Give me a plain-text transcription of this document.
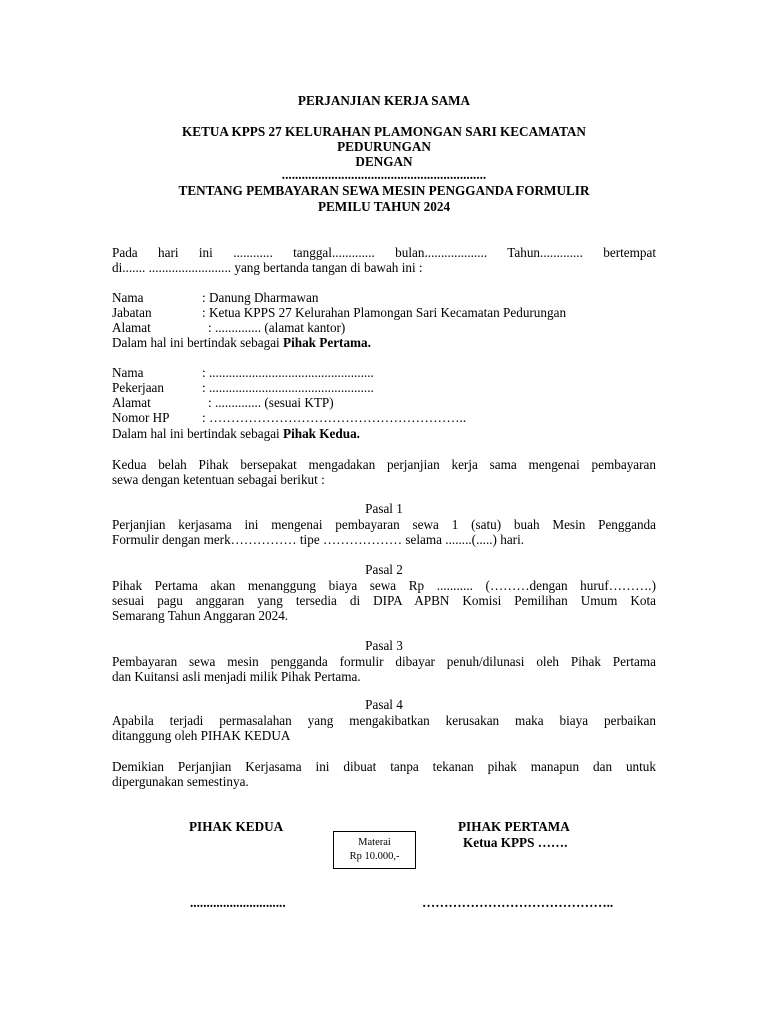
PERJANJIAN KERJA SAMA
KETUA KPPS 27 KELURAHAN PLAMONGAN SARI KECAMATAN
PEDURUNGAN
DENGAN
..............................................................
TENTANG PEMBAYARAN SEWA MESIN PENGGANDA FORMULIR
PEMILU TAHUN 2024
Pada hari ini ............ tanggal............. bulan................... Tahun............. bertempat
di....... ......................... yang bertanda tangan di bawah ini :
Nama	: Danung Dharmawan
Jabatan	: Ketua KPPS 27 Kelurahan Plamongan Sari Kecamatan Pedurungan
Alamat	: .............. (alamat kantor)
Dalam hal ini bertindak sebagai Pihak Pertama.
Nama	: ..................................................
Pekerjaan	: ..................................................
Alamat	: .............. (sesuai KTP)
Nomor HP : …………………………………………………..
Dalam hal ini bertindak sebagai Pihak Kedua.
Kedua belah Pihak bersepakat mengadakan perjanjian kerja sama mengenai pembayaran
sewa dengan ketentuan sebagai berikut :
Pasal 1
Perjanjian kerjasama ini mengenai pembayaran sewa 1 (satu) buah Mesin Pengganda
Formulir dengan merk…………… tipe ……………… selama ........(.....) hari.
Pasal 2
Pihak Pertama akan menanggung biaya sewa Rp ........... (………dengan huruf……….)
sesuai pagu anggaran yang tersedia di DIPA APBN Komisi Pemilihan Umum Kota
Semarang Tahun Anggaran 2024.
Pasal 3
Pembayaran sewa mesin pengganda formulir dibayar penuh/dilunasi oleh Pihak Pertama
dan Kuitansi asli menjadi milik Pihak Pertama.
Pasal 4
Apabila terjadi permasalahan yang mengakibatkan kerusakan maka biaya perbaikan
ditanggung oleh PIHAK KEDUA
Demikian Perjanjian Kerjasama ini dibuat tanpa tekanan pihak manapun dan untuk
dipergunakan semestinya.
PIHAK KEDUA	PIHAK PERTAMA
Ketua KPPS …….
Materai
Rp 10.000,-
.............................	……………………………………..
